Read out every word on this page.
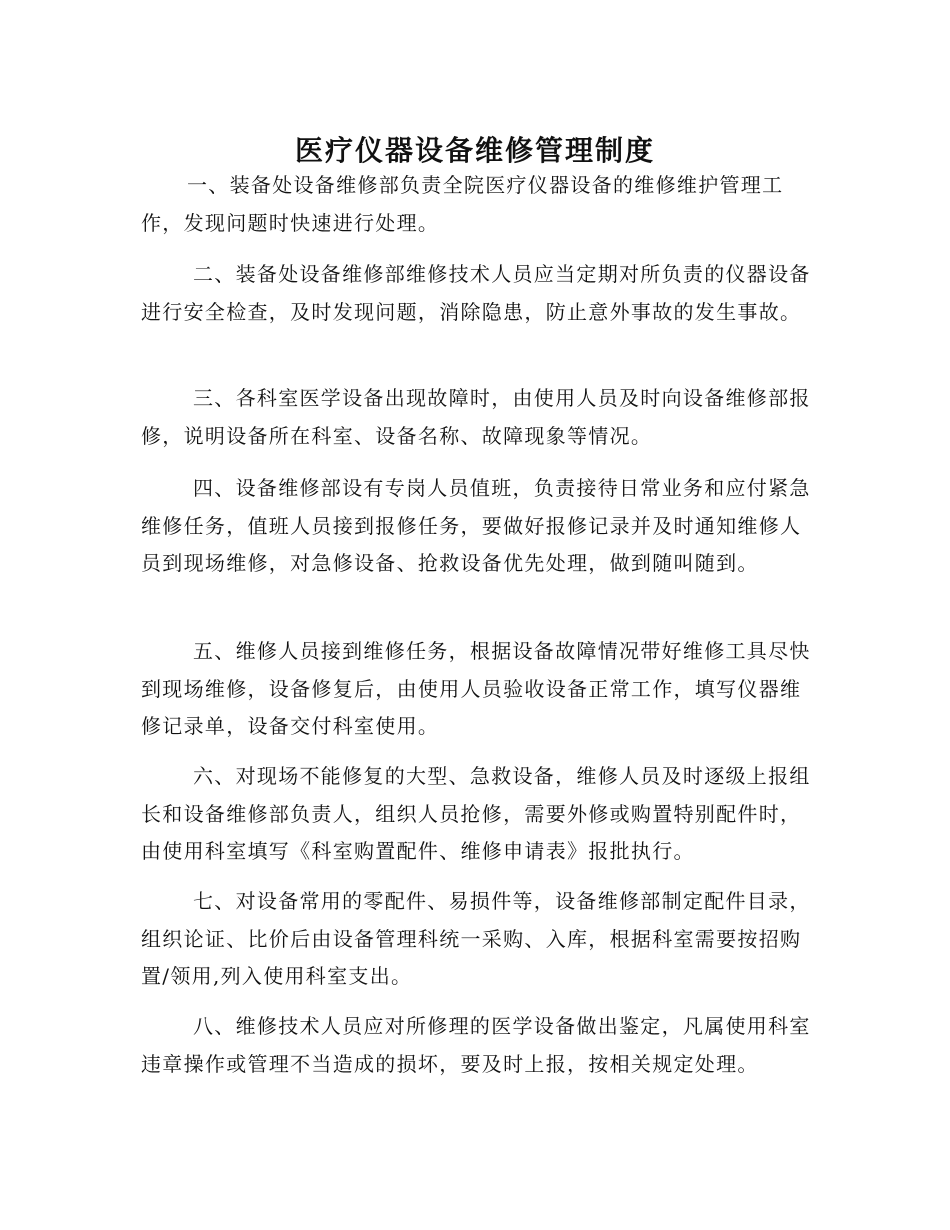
医疗仪器设备维修管理制度

一、装备处设备维修部负责全院医疗仪器设备的维修维护管理工作，发现问题时快速进行处理。

二、装备处设备维修部维修技术人员应当定期对所负责的仪器设备进行安全检查，及时发现问题，消除隐患，防止意外事故的发生事故。

三、各科室医学设备出现故障时，由使用人员及时向设备维修部报修，说明设备所在科室、设备名称、故障现象等情况。

四、设备维修部设有专岗人员值班，负责接待日常业务和应付紧急维修任务，值班人员接到报修任务，要做好报修记录并及时通知维修人员到现场维修，对急修设备、抢救设备优先处理，做到随叫随到。

五、维修人员接到维修任务，根据设备故障情况带好维修工具尽快到现场维修，设备修复后，由使用人员验收设备正常工作，填写仪器维修记录单，设备交付科室使用。

六、对现场不能修复的大型、急救设备，维修人员及时逐级上报组长和设备维修部负责人，组织人员抢修，需要外修或购置特别配件时，由使用科室填写《科室购置配件、维修申请表》报批执行。

七、对设备常用的零配件、易损件等，设备维修部制定配件目录，组织论证、比价后由设备管理科统一采购、入库，根据科室需要按招购置/领用,列入使用科室支出。

八、维修技术人员应对所修理的医学设备做出鉴定，凡属使用科室违章操作或管理不当造成的损坏，要及时上报，按相关规定处理。
